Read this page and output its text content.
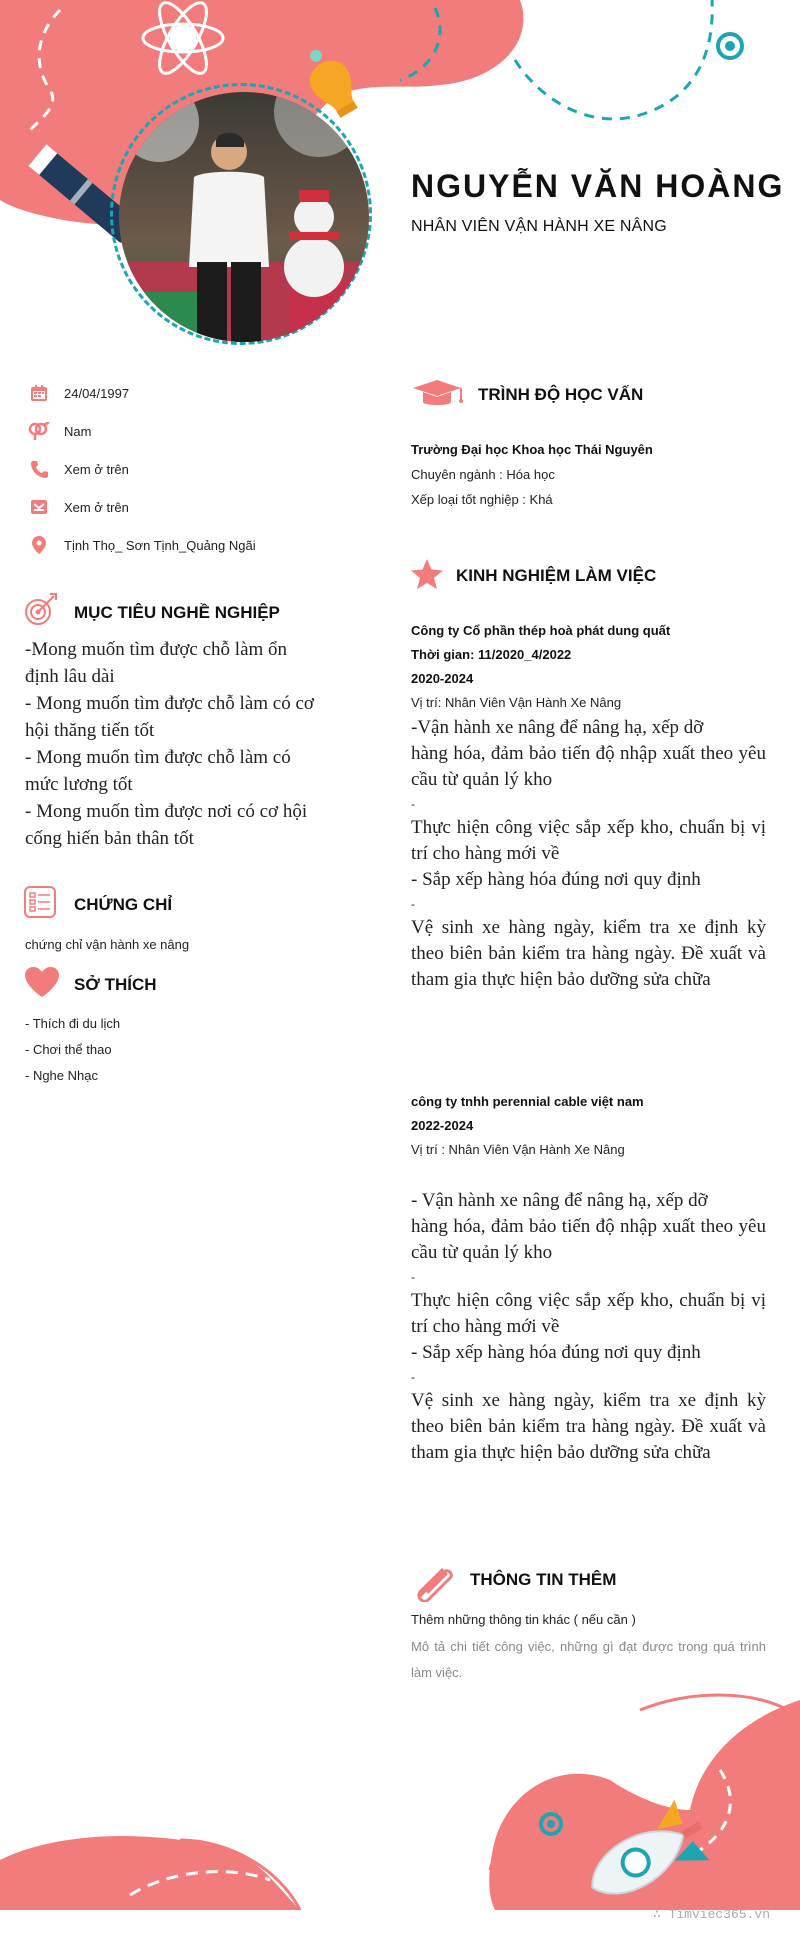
NGUYỄN VĂN HOÀNG
NHÂN VIÊN VẬN HÀNH XE NÂNG
24/04/1997
Nam
Xem ở trên
Xem ở trên
Tịnh Thọ_ Sơn Tịnh_Quảng Ngãi
MỤC TIÊU NGHỀ NGHIỆP

-Mong muốn tìm được chỗ làm ổn định lâu dài

- Mong muốn tìm được chỗ làm có cơ hội thăng tiến tốt

- Mong muốn tìm được chỗ làm có mức lương tốt

- Mong muốn tìm được nơi có cơ hội cống hiến bản thân tốt

CHỨNG CHỈ
chứng chỉ vận hành xe nâng
SỞ THÍCH
- Thích đi du lịch
- Chơi thể thao
- Nghe Nhạc
TRÌNH ĐỘ HỌC VẤN
Trường Đại học Khoa học Thái Nguyên
Chuyên ngành : Hóa học
Xếp loại tốt nghiệp : Khá
KINH NGHIỆM LÀM VIỆC
Công ty Cổ phần thép hoà phát dung quất
Thời gian: 11/2020_4/2022
2020-2024
Vị trí: Nhân Viên Vận Hành Xe Nâng

-Vận hành xe nâng để nâng hạ, xếp dỡ

hàng hóa, đảm bảo tiến độ nhập xuất theo yêu cầu từ quản lý kho

-

Thực hiện công việc sắp xếp kho, chuẩn bị vị trí cho hàng mới về

- Sắp xếp hàng hóa đúng nơi quy định

-

Vệ sinh xe hàng ngày, kiểm tra xe định kỳ theo biên bản kiểm tra hàng ngày. Đề xuất và tham gia thực hiện bảo dưỡng sửa chữa

công ty tnhh perennial cable việt nam
2022-2024
Vị trí : Nhân Viên Vận Hành Xe Nâng

- Vận hành xe nâng để nâng hạ, xếp dỡ

hàng hóa, đảm bảo tiến độ nhập xuất theo yêu cầu từ quản lý kho

-

Thực hiện công việc sắp xếp kho, chuẩn bị vị trí cho hàng mới về

- Sắp xếp hàng hóa đúng nơi quy định

-

Vệ sinh xe hàng ngày, kiểm tra xe định kỳ theo biên bản kiểm tra hàng ngày. Đề xuất và tham gia thực hiện bảo dưỡng sửa chữa

THÔNG TIN THÊM
Thêm những thông tin khác ( nếu cần )
Mô tả chi tiết công việc, những gì đạt được trong quá trình làm việc.
∴ Timviec365.vn
